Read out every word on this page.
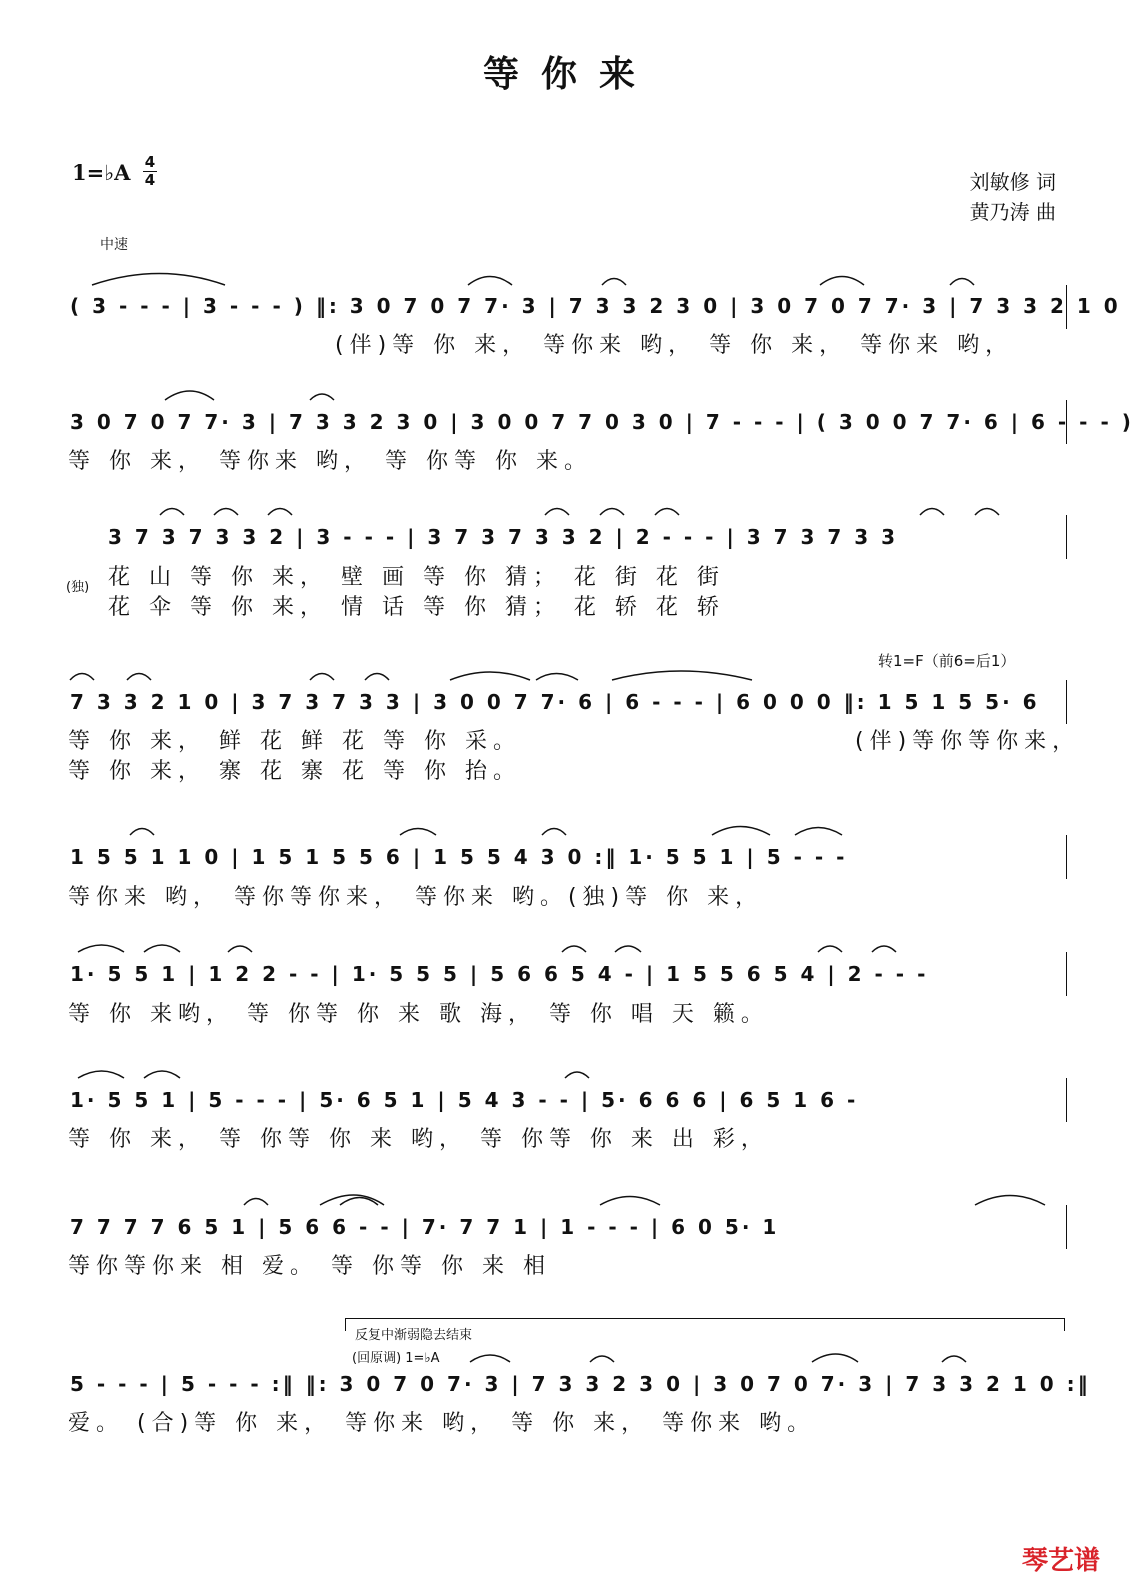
等你来
1=♭A 4
4	刘敏修 词
黄乃涛 曲
中速
( 3 - - - | 3 - - - ) ‖: 3 0 7 0 7 7· 3 | 7 3 3 2 3 0 | 3 0 7 0 7 7· 3 | 7 3 3 2 1 0
(伴)等 你 来， 等你来 哟， 等 你 来， 等你来 哟，
3 0 7 0 7 7· 3 | 7 3 3 2 3 0 | 3 0 0 7 7 0 3 0 | 7 - - - | ( 3 0 0 7 7· 6 | 6 - - - )
等 你 来， 等你来 哟， 等 你等 你 来。
3 7 3 7 3 3 2 | 3 - - - | 3 7 3 7 3 3 2 | 2 - - - | 3 7 3 7 3 3
(独) 花 山 等 你 来， 壁 画 等 你 猜； 花 街 花 街
花 伞 等 你 来， 情 话 等 你 猜； 花 轿 花 轿
转1=F（前6=后1）
7 3 3 2 1 0 | 3 7 3 7 3 3 | 3 0 0 7 7· 6 | 6 - - - | 6 0 0 0 ‖: 1 5 1 5 5· 6
等 你 来， 鲜 花 鲜 花 等 你 采。
等 你 来， 寨 花 寨 花 等 你 抬。
(伴)等你等你来，
1 5 5 1 1 0 | 1 5 1 5 5 6 | 1 5 5 4 3 0 :‖ 1· 5 5 1 | 5 - - -
等你来 哟， 等你等你来， 等你来 哟。(独)等 你 来，
1· 5 5 1 | 1 2 2 - - | 1· 5 5 5 | 5 6 6 5 4 - | 1 5 5 6 5 4 | 2 - - -
等 你 来哟， 等 你等 你 来 歌 海， 等 你 唱 天 籁。
1· 5 5 1 | 5 - - - | 5· 6 5 1 | 5 4 3 - - | 5· 6 6 6 | 6 5 1 6 -
等 你 来， 等 你等 你 来 哟， 等 你等 你 来 出 彩，
7 7 7 7 6 5 1 | 5 6 6 - - | 7· 7 7 1 | 1 - - - | 6 0 5· 1
等你等你来 相 爱。 等 你等 你 来 相
反复中渐弱隐去结束
(回原调) 1=♭A
5 - - - | 5 - - - :‖ ‖: 3 0 7 0 7· 3 | 7 3 3 2 3 0 | 3 0 7 0 7· 3 | 7 3 3 2 1 0 :‖
爱。 (合)等 你 来， 等你来 哟， 等 你 来， 等你来 哟。
琴艺谱
